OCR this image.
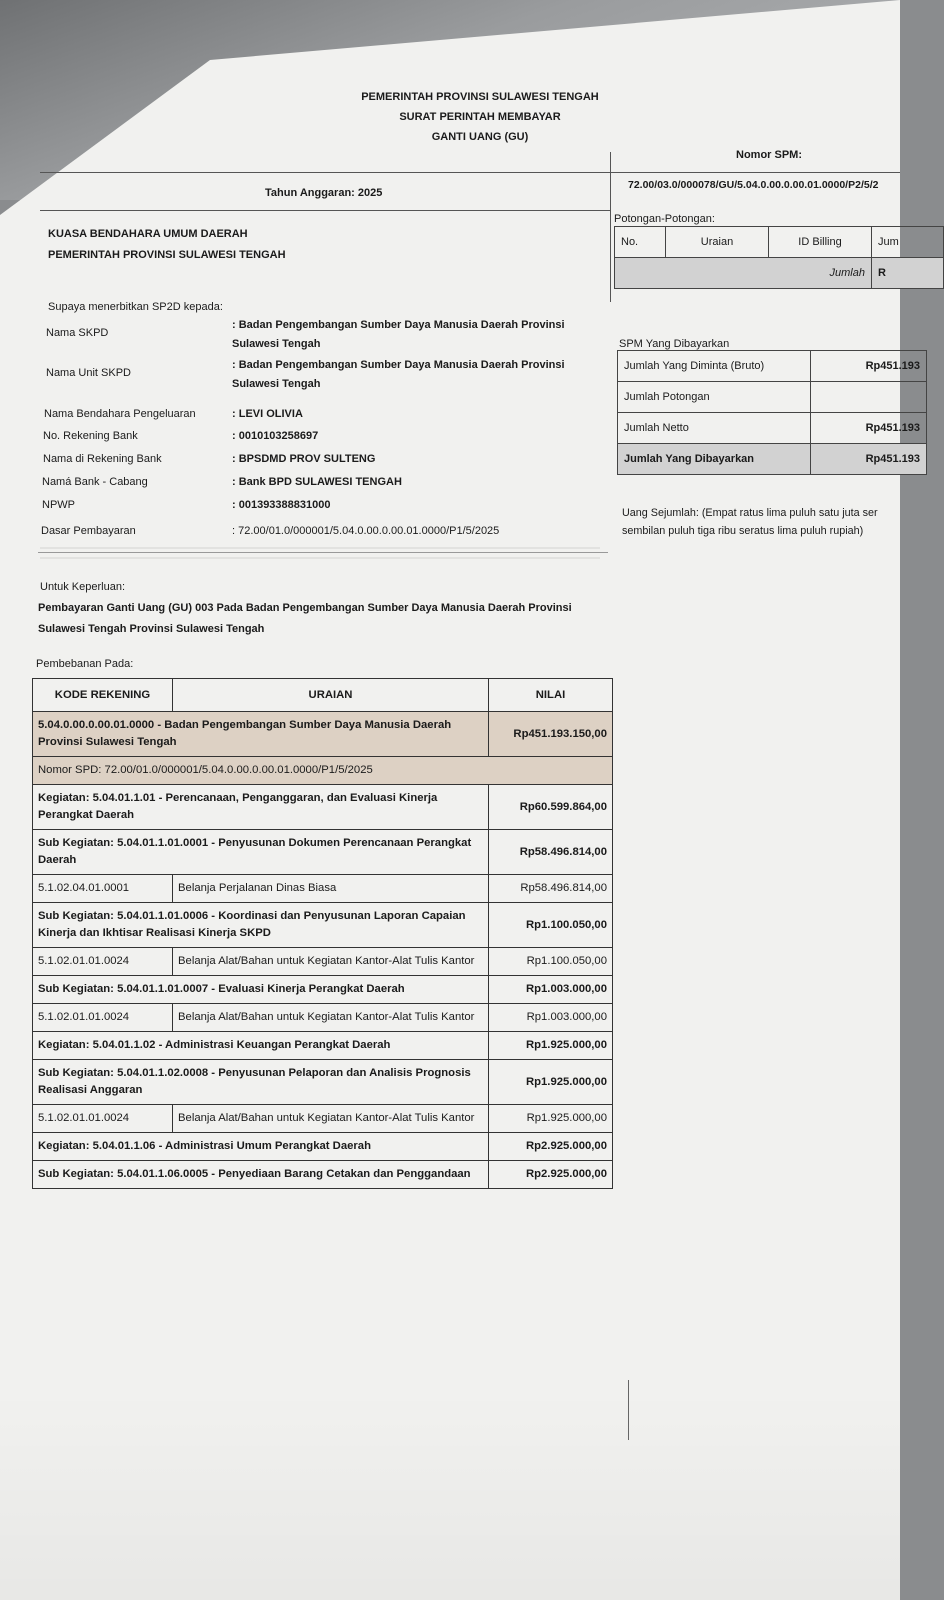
PEMERINTAH PROVINSI SULAWESI TENGAH
SURAT PERINTAH MEMBAYAR
GANTI UANG (GU)
Tahun Anggaran: 2025
Nomor SPM:
72.00/03.0/000078/GU/5.04.0.00.0.00.01.0000/P2/5/2
KUASA BENDAHARA UMUM DAERAH
PEMERINTAH PROVINSI SULAWESI TENGAH
Potongan-Potongan:
No.	Uraian	ID Billing	Jum
Jumlah			R
Supaya menerbitkan SP2D kepada:
Nama SKPD
: Badan Pengembangan Sumber Daya Manusia Daerah Provinsi
Sulawesi Tengah
Nama Unit SKPD
: Badan Pengembangan Sumber Daya Manusia Daerah Provinsi
Sulawesi Tengah
Nama Bendahara Pengeluaran	: LEVI OLIVIA
No. Rekening Bank	: 0010103258697
Nama di Rekening Bank	: BPSDMD PROV SULTENG
Namá Bank - Cabang	: Bank BPD SULAWESI TENGAH
NPWP	: 001393388831000
Dasar Pembayaran	: 72.00/01.0/000001/5.04.0.00.0.00.01.0000/P1/5/2025
SPM Yang Dibayarkan
Jumlah Yang Diminta (Bruto)	Rp451.193
Jumlah Potongan	
Jumlah Netto	Rp451.193
Jumlah Yang Dibayarkan	Rp451.193
Uang Sejumlah: (Empat ratus lima puluh satu juta ser
sembilan puluh tiga ribu seratus lima puluh rupiah)
Untuk Keperluan:
Pembayaran Ganti Uang (GU) 003 Pada Badan Pengembangan Sumber Daya Manusia Daerah Provinsi
Sulawesi Tengah Provinsi Sulawesi Tengah
Pembebanan Pada:
KODE REKENING	URAIAN	NILAI
5.04.0.00.0.00.01.0000 - Badan Pengembangan Sumber Daya Manusia Daerah Provinsi Sulawesi Tengah		Rp451.193.150,00
Nomor SPD: 72.00/01.0/000001/5.04.0.00.0.00.01.0000/P1/5/2025		
Kegiatan: 5.04.01.1.01 - Perencanaan, Penganggaran, dan Evaluasi Kinerja Perangkat Daerah		Rp60.599.864,00
Sub Kegiatan: 5.04.01.1.01.0001 - Penyusunan Dokumen Perencanaan Perangkat Daerah		Rp58.496.814,00
5.1.02.04.01.0001	Belanja Perjalanan Dinas Biasa	Rp58.496.814,00
Sub Kegiatan: 5.04.01.1.01.0006 - Koordinasi dan Penyusunan Laporan Capaian Kinerja dan Ikhtisar Realisasi Kinerja SKPD		Rp1.100.050,00
5.1.02.01.01.0024	Belanja Alat/Bahan untuk Kegiatan Kantor-Alat Tulis Kantor	Rp1.100.050,00
Sub Kegiatan: 5.04.01.1.01.0007 - Evaluasi Kinerja Perangkat Daerah		Rp1.003.000,00
5.1.02.01.01.0024	Belanja Alat/Bahan untuk Kegiatan Kantor-Alat Tulis Kantor	Rp1.003.000,00
Kegiatan: 5.04.01.1.02 - Administrasi Keuangan Perangkat Daerah		Rp1.925.000,00
Sub Kegiatan: 5.04.01.1.02.0008 - Penyusunan Pelaporan dan Analisis Prognosis Realisasi Anggaran		Rp1.925.000,00
5.1.02.01.01.0024	Belanja Alat/Bahan untuk Kegiatan Kantor-Alat Tulis Kantor	Rp1.925.000,00
Kegiatan: 5.04.01.1.06 - Administrasi Umum Perangkat Daerah		Rp2.925.000,00
Sub Kegiatan: 5.04.01.1.06.0005 - Penyediaan Barang Cetakan dan Penggandaan		Rp2.925.000,00
